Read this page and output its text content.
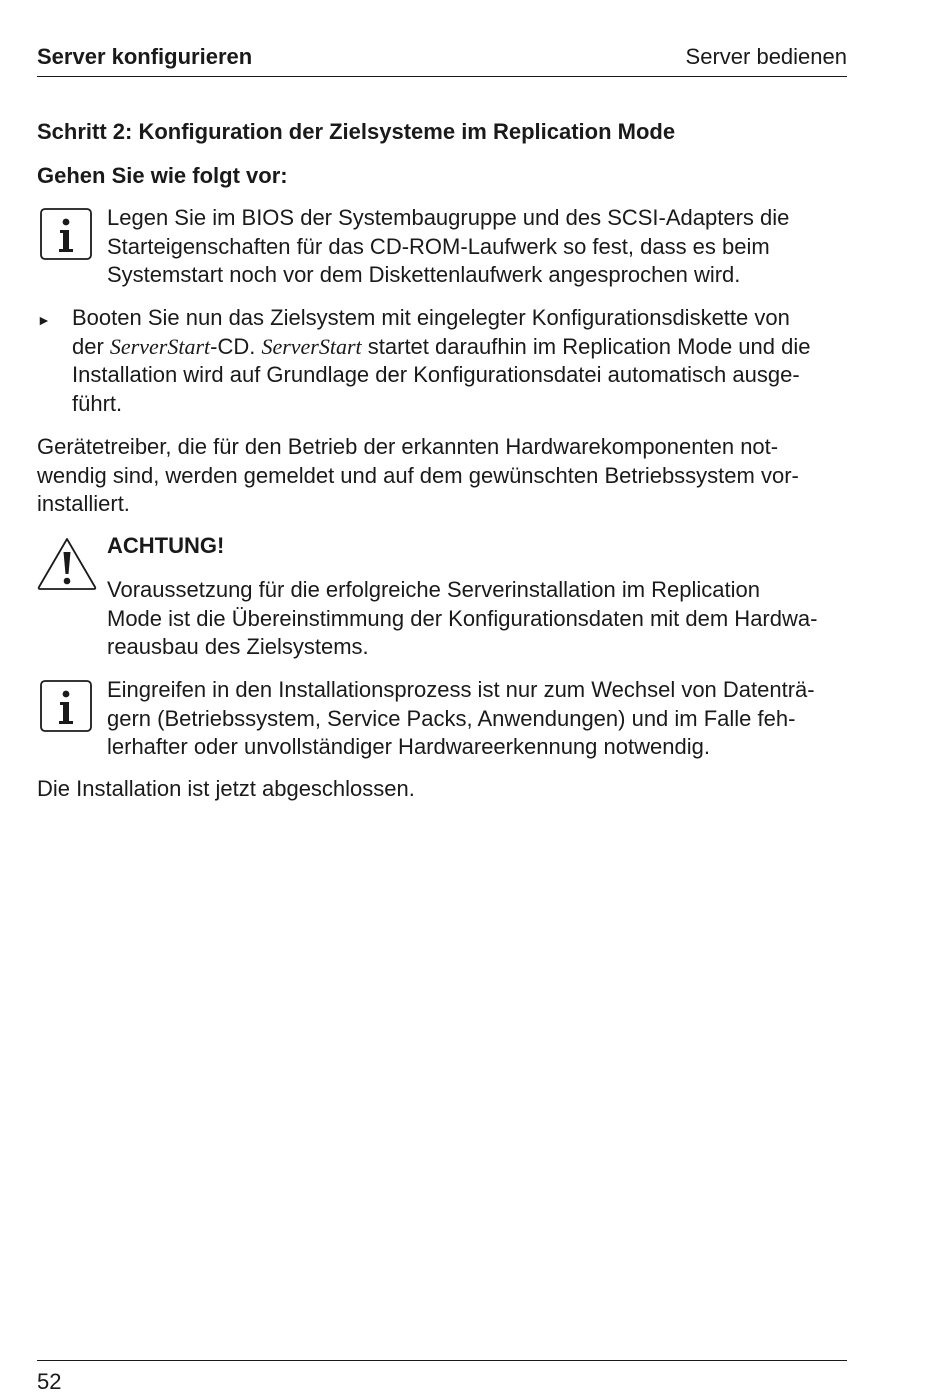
Server konfigurieren	Server bedienen
Schritt 2: Konfiguration der Zielsysteme im Replication Mode
Gehen Sie wie folgt vor:
Legen Sie im BIOS der Systembaugruppe und des SCSI-Adapters die
Starteigenschaften für das CD-ROM-Laufwerk so fest, dass es beim
Systemstart noch vor dem Diskettenlaufwerk angesprochen wird.
► Booten Sie nun das Zielsystem mit eingelegter Konfigurationsdiskette von
der ServerStart-CD. ServerStart startet daraufhin im Replication Mode und die
Installation wird auf Grundlage der Konfigurationsdatei automatisch ausge-
führt.
Gerätetreiber, die für den Betrieb der erkannten Hardwarekomponenten not-
wendig sind, werden gemeldet und auf dem gewünschten Betriebssystem vor-
installiert.
ACHTUNG!
Voraussetzung für die erfolgreiche Serverinstallation im Replication
Mode ist die Übereinstimmung der Konfigurationsdaten mit dem Hardwa-
reausbau des Zielsystems.
Eingreifen in den Installationsprozess ist nur zum Wechsel von Datenträ-
gern (Betriebssystem, Service Packs, Anwendungen) und im Falle feh-
lerhafter oder unvollständiger Hardwareerkennung notwendig.
Die Installation ist jetzt abgeschlossen.
52
